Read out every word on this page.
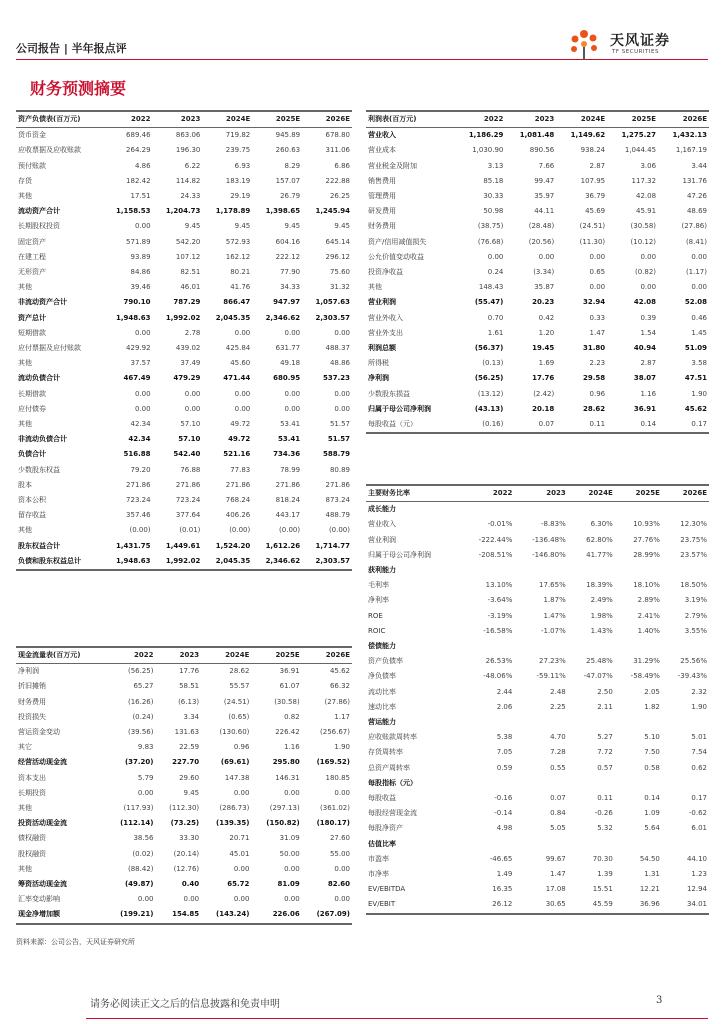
公司报告 | 半年报点评	天风证券
TF SECURITIES
财务预测摘要
资产负债表(百万元)	2022	2023	2024E	2025E	2026E
货币资金	689.46	863.06	719.82	945.89	678.80
应收票据及应收账款	264.29	196.30	239.75	260.63	311.06
预付账款	4.86	6.22	6.93	8.29	6.86
存货	182.42	114.82	183.19	157.07	222.88
其他	17.51	24.33	29.19	26.79	26.25
流动资产合计	1,158.53	1,204.73	1,178.89	1,398.65	1,245.94
长期股权投资	0.00	9.45	9.45	9.45	9.45
固定资产	571.89	542.20	572.93	604.16	645.14
在建工程	93.89	107.12	162.12	222.12	296.12
无形资产	84.86	82.51	80.21	77.90	75.60
其他	39.46	46.01	41.76	34.33	31.32
非流动资产合计	790.10	787.29	866.47	947.97	1,057.63
资产总计	1,948.63	1,992.02	2,045.35	2,346.62	2,303.57
短期借款	0.00	2.78	0.00	0.00	0.00
应付票据及应付账款	429.92	439.02	425.84	631.77	488.37
其他	37.57	37.49	45.60	49.18	48.86
流动负债合计	467.49	479.29	471.44	680.95	537.23
长期借款	0.00	0.00	0.00	0.00	0.00
应付债券	0.00	0.00	0.00	0.00	0.00
其他	42.34	57.10	49.72	53.41	51.57
非流动负债合计	42.34	57.10	49.72	53.41	51.57
负债合计	516.88	542.40	521.16	734.36	588.79
少数股东权益	79.20	76.88	77.83	78.99	80.89
股本	271.86	271.86	271.86	271.86	271.86
资本公积	723.24	723.24	768.24	818.24	873.24
留存收益	357.46	377.64	406.26	443.17	488.79
其他	(0.00)	(0.01)	(0.00)	(0.00)	(0.00)
股东权益合计	1,431.75	1,449.61	1,524.20	1,612.26	1,714.77
负债和股东权益总计	1,948.63	1,992.02	2,045.35	2,346.62	2,303.57
利润表(百万元)	2022	2023	2024E	2025E	2026E
营业收入	1,186.29	1,081.48	1,149.62	1,275.27	1,432.13
营业成本	1,030.90	890.56	938.24	1,044.45	1,167.19
营业税金及附加	3.13	7.66	2.87	3.06	3.44
销售费用	85.18	99.47	107.95	117.32	131.76
管理费用	30.33	35.97	36.79	42.08	47.26
研发费用	50.98	44.11	45.69	45.91	48.69
财务费用	(38.75)	(28.48)	(24.51)	(30.58)	(27.86)
资产/信用减值损失	(76.68)	(20.56)	(11.30)	(10.12)	(8.41)
公允价值变动收益	0.00	0.00	0.00	0.00	0.00
投资净收益	0.24	(3.34)	0.65	(0.82)	(1.17)
其他	148.43	35.87	0.00	0.00	0.00
营业利润	(55.47)	20.23	32.94	42.08	52.08
营业外收入	0.70	0.42	0.33	0.39	0.46
营业外支出	1.61	1.20	1.47	1.54	1.45
利润总额	(56.37)	19.45	31.80	40.94	51.09
所得税	(0.13)	1.69	2.23	2.87	3.58
净利润	(56.25)	17.76	29.58	38.07	47.51
少数股东损益	(13.12)	(2.42)	0.96	1.16	1.90
归属于母公司净利润	(43.13)	20.18	28.62	36.91	45.62
每股收益（元）	(0.16)	0.07	0.11	0.14	0.17
主要财务比率	2022	2023	2024E	2025E	2026E
成长能力					
营业收入	-0.01%	-8.83%	6.30%	10.93%	12.30%
营业利润	-222.44%	-136.48%	62.80%	27.76%	23.75%
归属于母公司净利润	-208.51%	-146.80%	41.77%	28.99%	23.57%
获利能力					
毛利率	13.10%	17.65%	18.39%	18.10%	18.50%
净利率	-3.64%	1.87%	2.49%	2.89%	3.19%
ROE	-3.19%	1.47%	1.98%	2.41%	2.79%
ROIC	-16.58%	-1.07%	1.43%	1.40%	3.55%
偿债能力					
资产负债率	26.53%	27.23%	25.48%	31.29%	25.56%
净负债率	-48.06%	-59.11%	-47.07%	-58.49%	-39.43%
流动比率	2.44	2.48	2.50	2.05	2.32
速动比率	2.06	2.25	2.11	1.82	1.90
营运能力					
应收账款周转率	5.38	4.70	5.27	5.10	5.01
存货周转率	7.05	7.28	7.72	7.50	7.54
总资产周转率	0.59	0.55	0.57	0.58	0.62
每股指标（元）					
每股收益	-0.16	0.07	0.11	0.14	0.17
每股经营现金流	-0.14	0.84	-0.26	1.09	-0.62
每股净资产	4.98	5.05	5.32	5.64	6.01
估值比率					
市盈率	-46.65	99.67	70.30	54.50	44.10
市净率	1.49	1.47	1.39	1.31	1.23
EV/EBITDA	16.35	17.08	15.51	12.21	12.94
EV/EBIT	26.12	30.65	45.59	36.96	34.01
现金流量表(百万元)	2022	2023	2024E	2025E	2026E
净利润	(56.25)	17.76	28.62	36.91	45.62
折旧摊销	65.27	58.51	55.57	61.07	66.32
财务费用	(16.26)	(6.13)	(24.51)	(30.58)	(27.86)
投资损失	(0.24)	3.34	(0.65)	0.82	1.17
营运资金变动	(39.56)	131.63	(130.60)	226.42	(256.67)
其它	9.83	22.59	0.96	1.16	1.90
经营活动现金流	(37.20)	227.70	(69.61)	295.80	(169.52)
资本支出	5.79	29.60	147.38	146.31	180.85
长期投资	0.00	9.45	0.00	0.00	0.00
其他	(117.93)	(112.30)	(286.73)	(297.13)	(361.02)
投资活动现金流	(112.14)	(73.25)	(139.35)	(150.82)	(180.17)
债权融资	38.56	33.30	20.71	31.09	27.60
股权融资	(0.02)	(20.14)	45.01	50.00	55.00
其他	(88.42)	(12.76)	0.00	0.00	0.00
筹资活动现金流	(49.87)	0.40	65.72	81.09	82.60
汇率变动影响	0.00	0.00	0.00	0.00	0.00
现金净增加额	(199.21)	154.85	(143.24)	226.06	(267.09)
资料来源：公司公告，天风证券研究所
请务必阅读正文之后的信息披露和免责申明	3
